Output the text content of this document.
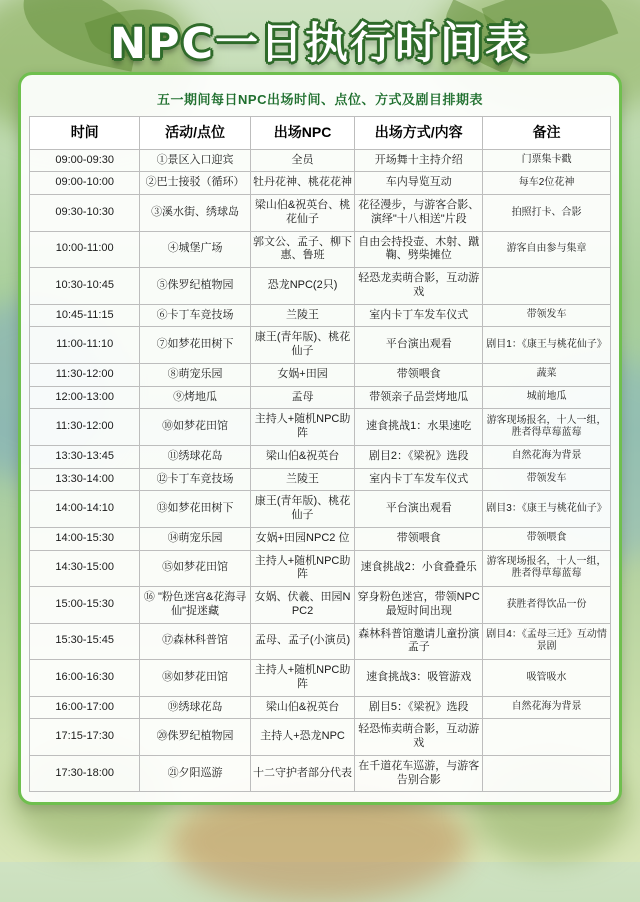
NPC一日执行时间表
五一期间每日NPC出场时间、点位、方式及剧目排期表
时间	活动/点位	出场NPC	出场方式/内容	备注
09:00-09:30	①景区入口迎宾	全员	开场舞十主持介绍	门票集卡戳
09:00-10:00	②巴士接驳（循环）	牡丹花神、桃花花神	车内导览互动	每车2位花神
09:30-10:30	③溪水街、绣球岛	梁山伯&祝英台、桃花仙子	花径漫步，与游客合影、演绎"十八相送"片段	拍照打卡、合影
10:00-11:00	④城堡广场	郭文公、孟子、柳下惠、鲁班	自由会持投壶、木射、蹴鞠、劈柴摊位	游客自由参与集章
10:30-10:45	⑤侏罗纪植物园	恐龙NPC(2只)	轻恐龙卖萌合影，互动游戏	
10:45-11:15	⑥卡丁车竞技场	兰陵王	室内卡丁车发车仪式	带领发车
11:00-11:10	⑦如梦花田树下	康王(青年版)、桃花仙子	平台演出观看	剧目1：《康王与桃花仙子》
11:30-12:00	⑧萌宠乐园	女娲+田园	带领喂食	蔬菜
12:00-13:00	⑨烤地瓜	孟母	带领亲子品尝烤地瓜	城前地瓜
11:30-12:00	⑩如梦花田馆	主持人+随机NPC助阵	速食挑战1：水果速吃	游客现场报名，十人一组，胜者得草莓蓝莓
13:30-13:45	⑪绣球花岛	梁山伯&祝英台	剧目2：《梁祝》选段	自然花海为背景
13:30-14:00	⑫卡丁车竞技场	兰陵王	室内卡丁车发车仪式	带领发车
14:00-14:10	⑬如梦花田树下	康王(青年版)、桃花仙子	平台演出观看	剧目3：《康王与桃花仙子》
14:00-15:30	⑭萌宠乐园	女娲+田园NPC2 位	带领喂食	带领喂食
14:30-15:00	⑮如梦花田馆	主持人+随机NPC助阵	速食挑战2：小食叠叠乐	游客现场报名，十人一组，胜者得草莓蓝莓
15:00-15:30	⑯ "粉色迷宫&花海寻仙"捉迷藏	女娲、伏羲、田园NPC2	穿身粉色迷宫，带领NPC 最短时间出现	获胜者得饮品一份
15:30-15:45	⑰森林科普馆	孟母、孟子(小演员)	森林科普馆邀请儿童扮演孟子	剧目4：《孟母三迁》互动情景剧
16:00-16:30	⑱如梦花田馆	主持人+随机NPC助阵	速食挑战3：吸管游戏	吸管吸水
16:00-17:00	⑲绣球花岛	梁山伯&祝英台	剧目5：《梁祝》选段	自然花海为背景
17:15-17:30	⑳侏罗纪植物园	主持人+恐龙NPC	轻恐怖卖萌合影，互动游戏	
17:30-18:00	㉑夕阳巡游	十二守护者部分代表	在千道花车巡游，与游客告别合影	
